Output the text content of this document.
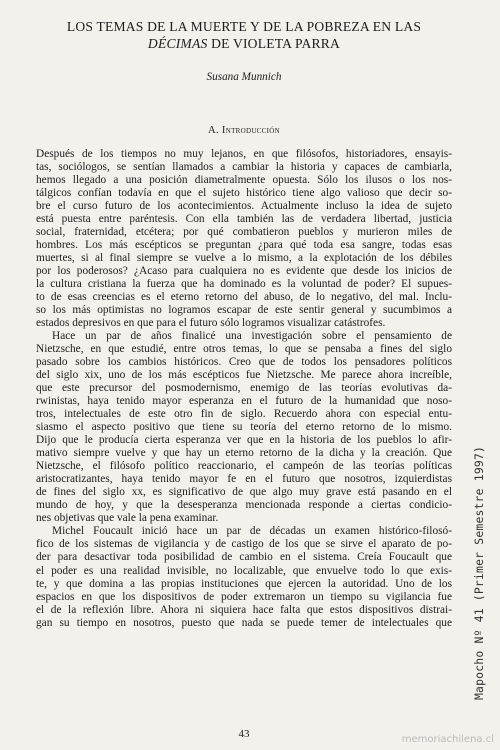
LOS TEMAS DE LA MUERTE Y DE LA POBREZA EN LAS
DÉCIMAS DE VIOLETA PARRA
Susana Munnich
A. Introducción

Después de los tiempos no muy lejanos, en que filósofos, historiadores, ensayis-
tas, sociólogos, se sentían llamados a cambiar la historia y capaces de cambiarla,
hemos llegado a una posición diametralmente opuesta. Sólo los ilusos o los nos-
tálgicos confían todavía en que el sujeto histórico tiene algo valioso que decir so-
bre el curso futuro de los acontecimientos. Actualmente incluso la idea de sujeto
está puesta entre paréntesis. Con ella también las de verdadera libertad, justicia
social, fraternidad, etcétera; por qué combatieron pueblos y murieron miles de
hombres. Los más escépticos se preguntan ¿para qué toda esa sangre, todas esas
muertes, si al final siempre se vuelve a lo mismo, a la explotación de los débiles
por los poderosos? ¿Acaso para cualquiera no es evidente que desde los inicios de
la cultura cristiana la fuerza que ha dominado es la voluntad de poder? El supues-
to de esas creencias es el eterno retorno del abuso, de lo negativo, del mal. Inclu-
so los más optimistas no logramos escapar de este sentir general y sucumbimos a
estados depresivos en que para el futuro sólo logramos visualizar catástrofes.

Hace un par de años finalicé una investigación sobre el pensamiento de
Nietzsche, en que estudié, entre otros temas, lo que se pensaba a fines del siglo
pasado sobre los cambios históricos. Creo que de todos los pensadores políticos
del siglo xix, uno de los más escépticos fue Nietzsche. Me parece ahora increíble,
que este precursor del posmodernismo, enemigo de las teorías evolutivas da-
rwinistas, haya tenido mayor esperanza en el futuro de la humanidad que noso-
tros, intelectuales de este otro fin de siglo. Recuerdo ahora con especial entu-
siasmo el aspecto positivo que tiene su teoría del eterno retorno de lo mismo.
Dijo que le producía cierta esperanza ver que en la historia de los pueblos lo afir-
mativo siempre vuelve y que hay un eterno retorno de la dicha y la creación. Que
Nietzsche, el filósofo político reaccionario, el campeón de las teorías políticas
aristocratizantes, haya tenido mayor fe en el futuro que nosotros, izquierdistas
de fines del siglo xx, es significativo de que algo muy grave está pasando en el
mundo de hoy, y que la desesperanza mencionada responde a ciertas condicio-
nes objetivas que vale la pena examinar.

Michel Foucault inició hace un par de décadas un examen histórico-filosó-
fico de los sistemas de vigilancia y de castigo de los que se sirve el aparato de po-
der para desactivar toda posibilidad de cambio en el sistema. Creía Foucault que
el poder es una realidad invisible, no localizable, que envuelve todo lo que exis-
te, y que domina a las propias instituciones que ejercen la autoridad. Uno de los
espacios en que los dispositivos de poder extremaron un tiempo su vigilancia fue
el de la reflexión libre. Ahora ni siquiera hace falta que estos dispositivos distrai-
gan su tiempo en nosotros, puesto que nada se puede temer de intelectuales que

43
Mapocho Nº 41 (Primer Semestre 1997)
memoriachilena.cl
